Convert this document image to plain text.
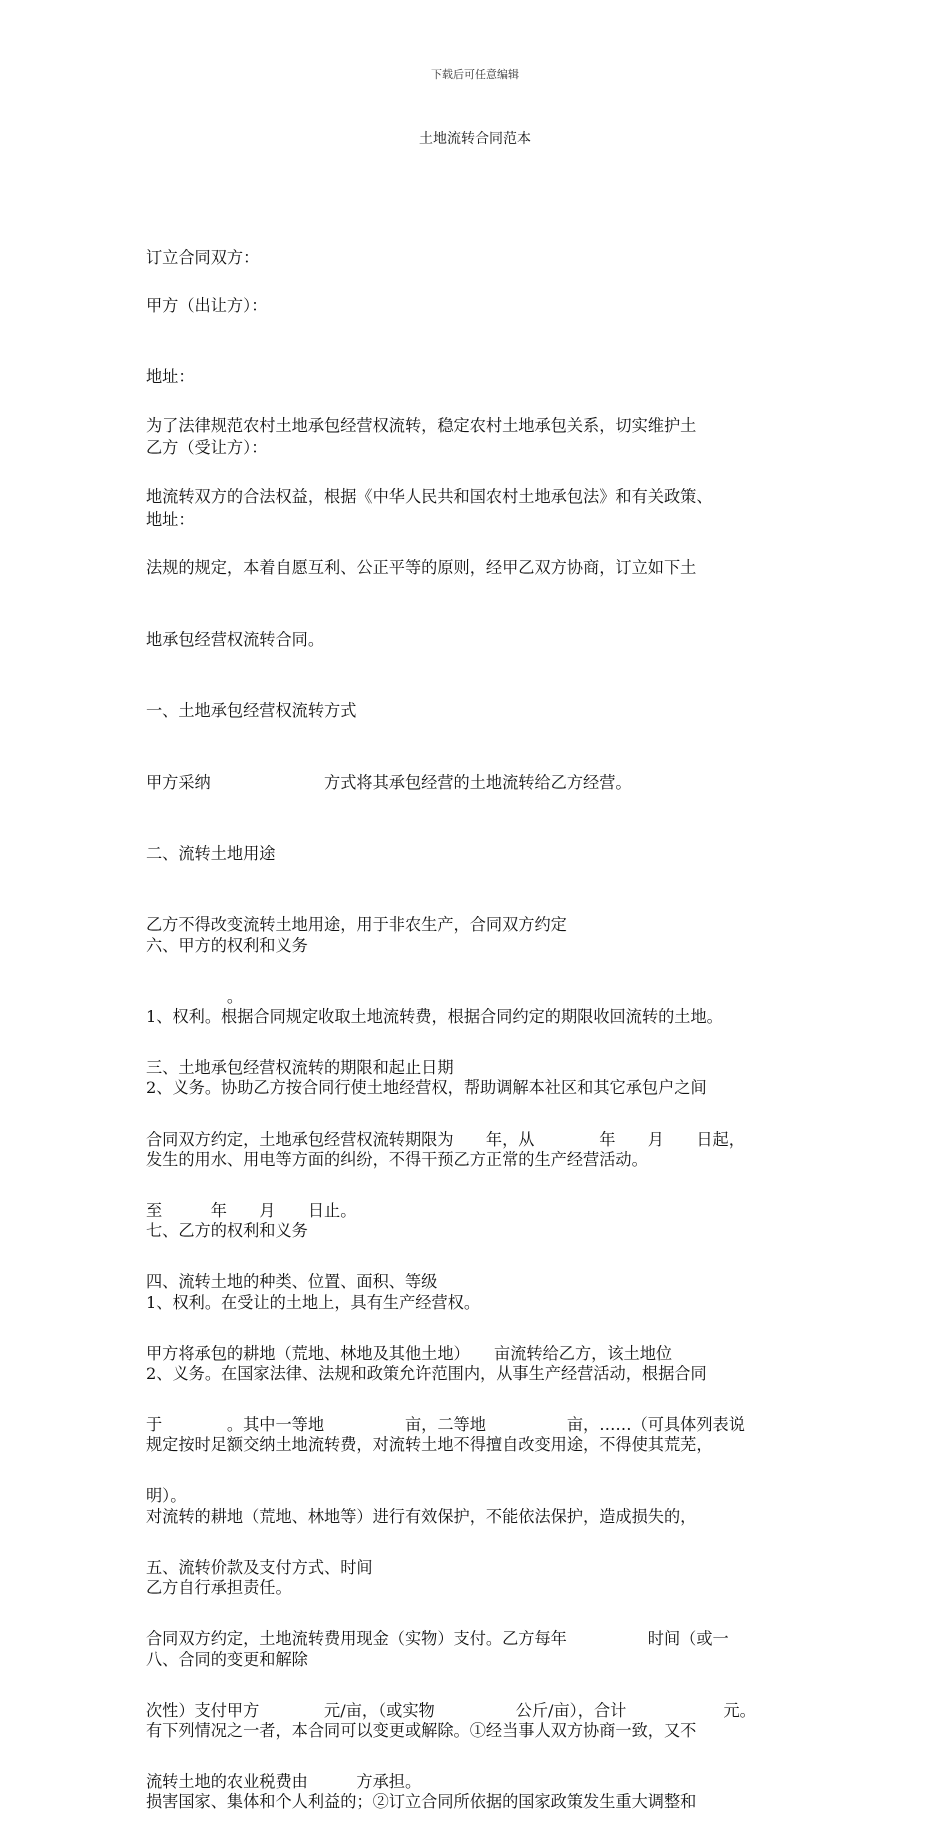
下载后可任意编辑
土地流转合同范本

订立合同双方：

甲方（出让方）：

地址：

乙方（受让方）：

地址：

为了法律规范农村土地承包经营权流转，稳定农村土地承包关系，切实维护土

地流转双方的合法权益，根据《中华人民共和国农村土地承包法》和有关政策、

法规的规定，本着自愿互利、公正平等的原则，经甲乙双方协商，订立如下土

地承包经营权流转合同。

一、土地承包经营权流转方式

甲方采纳　　　　　　　方式将其承包经营的土地流转给乙方经营。

二、流转土地用途

乙方不得改变流转土地用途，用于非农生产，合同双方约定

　　　　　。

三、土地承包经营权流转的期限和起止日期

合同双方约定，土地承包经营权流转期限为　　年，从　　　　年　　月　　日起，

至　　　年　　月　　日止。

四、流转土地的种类、位置、面积、等级

甲方将承包的耕地（荒地、林地及其他土地）　　亩流转给乙方，该土地位

于　　　　。其中一等地　　　　　亩，二等地　　　　　亩，……（可具体列表说

明）。

五、流转价款及支付方式、时间

合同双方约定，土地流转费用现金（实物）支付。乙方每年　　　　　时间（或一

次性）支付甲方　　　　元/亩，（或实物　　　　　公斤/亩），合计　　　　　　元。

流转土地的农业税费由　　　方承担。

六、甲方的权利和义务

1、权利。根据合同规定收取土地流转费，根据合同约定的期限收回流转的土地。

2、义务。协助乙方按合同行使土地经营权，帮助调解本社区和其它承包户之间

发生的用水、用电等方面的纠纷，不得干预乙方正常的生产经营活动。

七、乙方的权利和义务

1、权利。在受让的土地上，具有生产经营权。

2、义务。在国家法律、法规和政策允许范围内，从事生产经营活动，根据合同

规定按时足额交纳土地流转费，对流转土地不得擅自改变用途，不得使其荒芜，

对流转的耕地（荒地、林地等）进行有效保护，不能依法保护，造成损失的，

乙方自行承担责任。

八、合同的变更和解除

有下列情况之一者，本合同可以变更或解除。①经当事人双方协商一致，又不

损害国家、集体和个人利益的；②订立合同所依据的国家政策发生重大调整和
